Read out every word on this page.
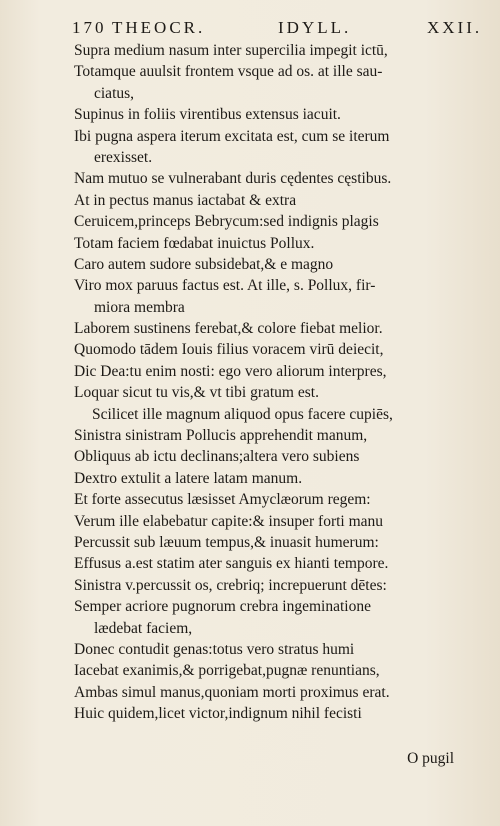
170 THEOCR.	IDYLL.	XXII.
Supra medium nasum inter supercilia impegit ictū,
Totamque auulsit frontem vsque ad os. at ille sau-
ciatus,
Supinus in foliis virentibus extensus iacuit.
Ibi pugna aspera iterum excitata est, cum se iterum
erexisset.
Nam mutuo se vulnerabant duris cędentes cęstibus.
At in pectus manus iactabat & extra
Ceruicem,princeps Bebrycum:sed indignis plagis
Totam faciem fœdabat inuictus Pollux.
Caro autem sudore subsidebat,& e magno
Viro mox paruus factus est. At ille, s. Pollux, fir-
miora membra
Laborem sustinens ferebat,& colore fiebat melior.
Quomodo tādem Iouis filius voracem virū deiecit,
Dic Dea:tu enim nosti: ego vero aliorum interpres,
Loquar sicut tu vis,& vt tibi gratum est.
Scilicet ille magnum aliquod opus facere cupiēs,
Sinistra sinistram Pollucis apprehendit manum,
Obliquus ab ictu declinans;altera vero subiens
Dextro extulit a latere latam manum.
Et forte assecutus læsisset Amyclæorum regem:
Verum ille elabebatur capite:& insuper forti manu
Percussit sub læuum tempus,& inuasit humerum:
Effusus a.est statim ater sanguis ex hianti tempore.
Sinistra v.percussit os, crebriq; increpuerunt dētes:
Semper acriore pugnorum crebra ingeminatione
lædebat faciem,
Donec contudit genas:totus vero stratus humi
Iacebat exanimis,& porrigebat,pugnæ renuntians,
Ambas simul manus,quoniam morti proximus erat.
Huic quidem,licet victor,indignum nihil fecisti
O pugil
